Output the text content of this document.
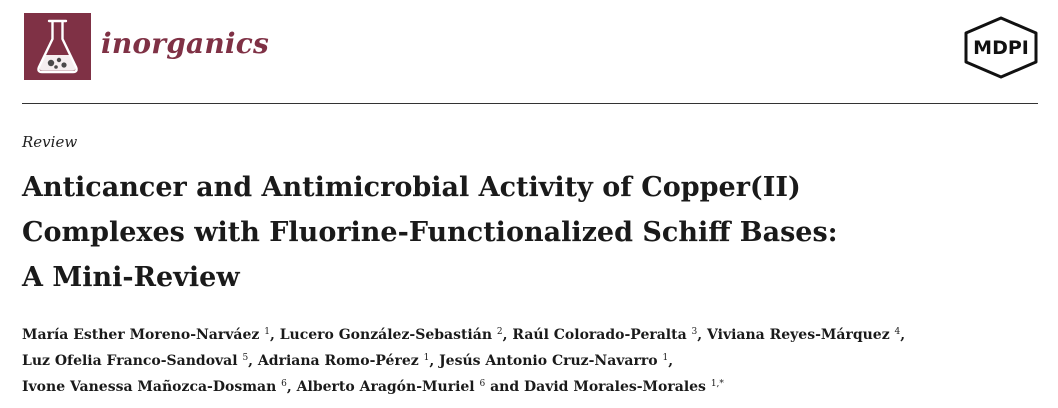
inorganics	MDPI
Review
Anticancer and Antimicrobial Activity of Copper(II)
Complexes with Fluorine-Functionalized Schiff Bases:
A Mini-Review
María Esther Moreno-Narváez $^1$, Lucero González-Sebastián $^2$, Raúl Colorado-Peralta $^3$, Viviana Reyes-Márquez $^4$,
Luz Ofelia Franco-Sandoval $^5$, Adriana Romo-Pérez $^1$, Jesús Antonio Cruz-Navarro $^1$,
Ivone Vanessa Mañozca-Dosman $^6$, Alberto Aragón-Muriel $^6$ and David Morales-Morales $^{1,*}$
